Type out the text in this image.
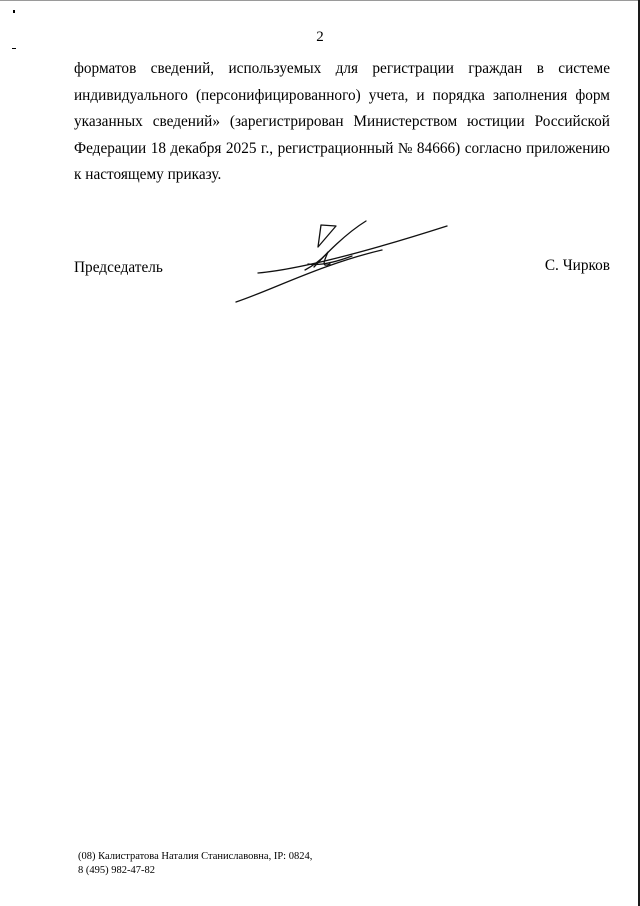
2
форматов сведений, используемых для регистрации граждан в системе
индивидуального (персонифицированного) учета, и порядка заполнения форм
указанных сведений» (зарегистрирован Министерством юстиции Российской
Федерации 18 декабря 2025 г., регистрационный № 84666) согласно приложению
к настоящему приказу.
Председатель	С. Чирков
(08) Калистратова Наталия Станиславовна, IP: 0824,
8 (495) 982-47-82
